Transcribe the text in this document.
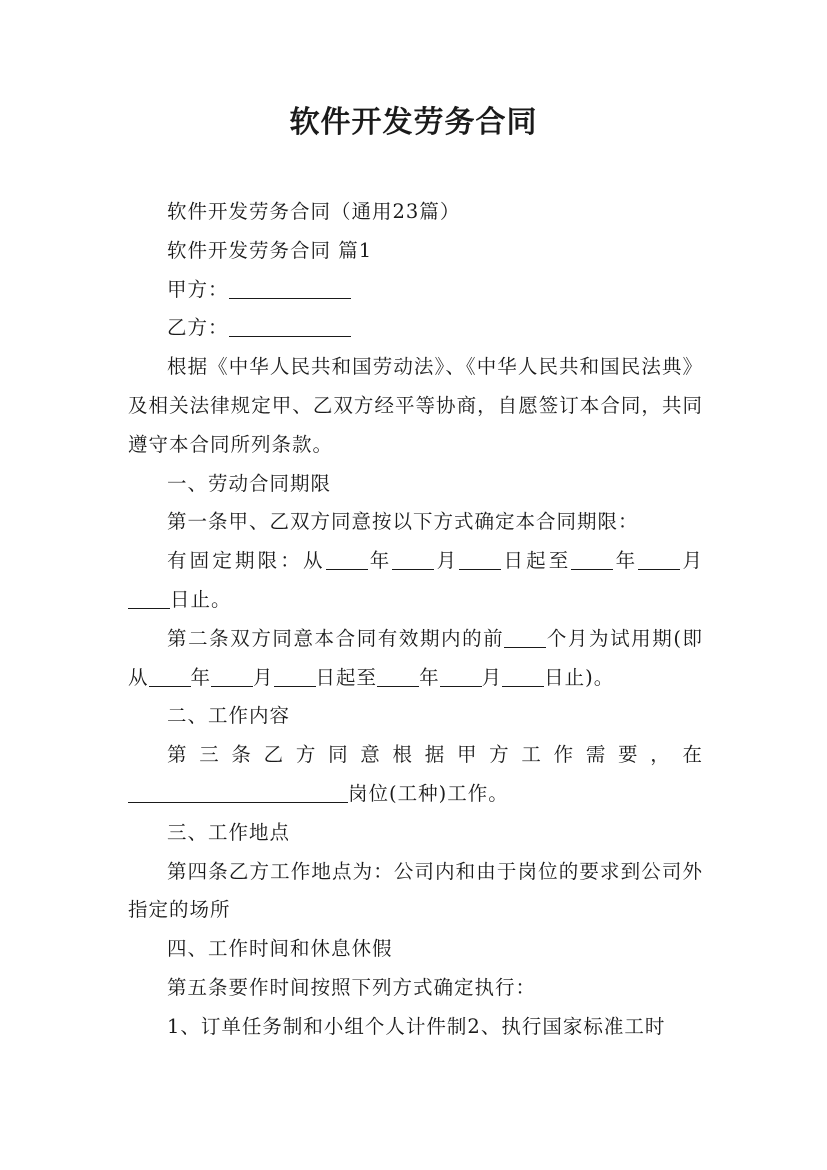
软件开发劳务合同

软件开发劳务合同（通用23篇）

软件开发劳务合同 篇1

甲方：

乙方：

根据《中华人民共和国劳动法》、《中华人民共和国民法典》及相关法律规定甲、乙双方经平等协商，自愿签订本合同，共同遵守本合同所列条款。

一、劳动合同期限

第一条甲、乙双方同意按以下方式确定本合同期限：

有固定期限：从 年 月 日起至 年 月日止。

第二条双方同意本合同有效期内的前 个月为试用期(即从 年 月 日起至 年 月 日止)。

二、工作内容

第三条乙方同意根据甲方工作需要，在岗位(工种)工作。

三、工作地点

第四条乙方工作地点为：公司内和由于岗位的要求到公司外指定的场所

四、工作时间和休息休假

第五条要作时间按照下列方式确定执行：

1、订单任务制和小组个人计件制2、执行国家标准工时
